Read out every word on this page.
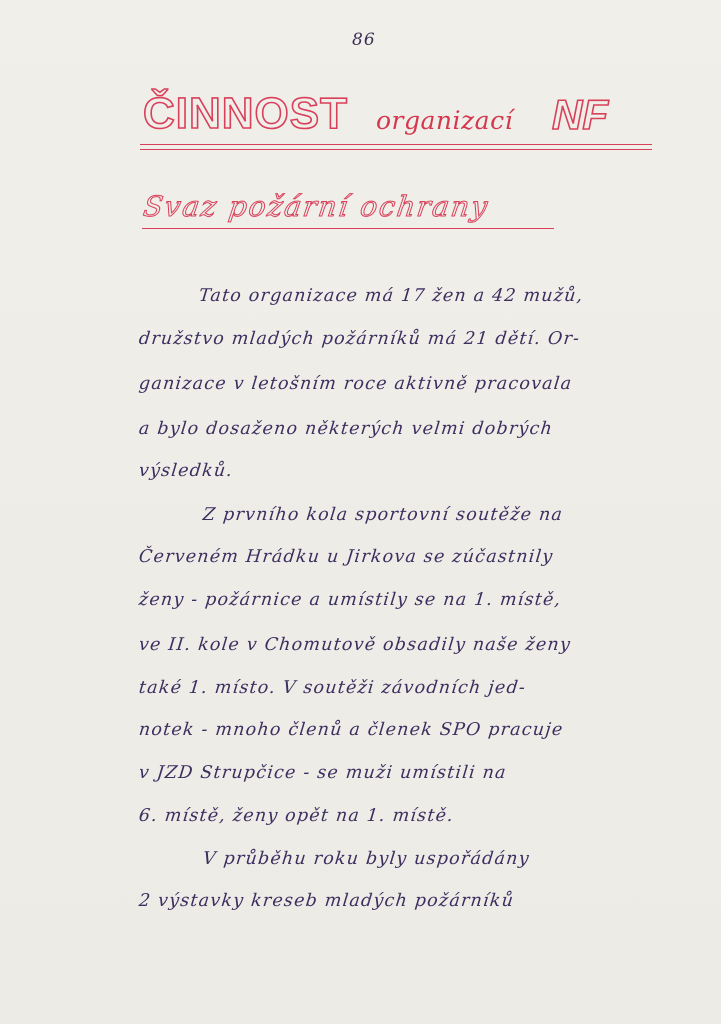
86
ČINNOST organizací NF
Svaz požární ochrany
Tato organizace má 17 žen a 42 mužů,
družstvo mladých požárníků má 21 dětí. Or-
ganizace v letošním roce aktivně pracovala
a bylo dosaženo některých velmi dobrých
výsledků.
Z prvního kola sportovní soutěže na
Červeném Hrádku u Jirkova se zúčastnily
ženy - požárnice a umístily se na 1. místě,
ve II. kole v Chomutově obsadily naše ženy
také 1. místo. V soutěži závodních jed-
notek - mnoho členů a členek SPO pracuje
v JZD Strupčice - se muži umístili na
6. místě, ženy opět na 1. místě.
V průběhu roku byly uspořádány
2 výstavky kreseb mladých požárníků
